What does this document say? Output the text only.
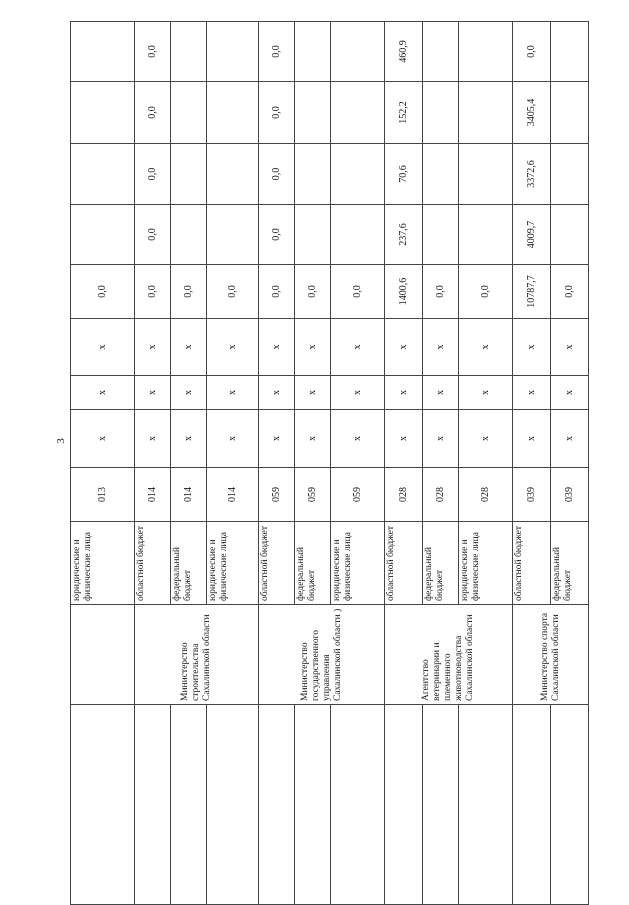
3
		юридические и физические лица	013	x	x	x	0,0					
	Министерство строительства Сахалинской области	областной бюджет	014	x	x	x	0,0	0,0	0,0	0,0	0,0	
		федеральный бюджет	014	x	x	x	0,0					
		юридические и физические лица	014	x	x	x	0,0					
	Министерство государственного управления Сахалинской области )	областной бюджет	059	x	x	x	0,0	0,0	0,0	0,0	0,0	
		федеральный бюджет	059	x	x	x	0,0					
		юридические и физические лица	059	x	x	x	0,0					
	Агентство ветеринарии и племенного животноводства Сахалинской области	областной бюджет	028	x	x	x	1400,6	237,6	70,6	152,2	460,9	
		федеральный бюджет	028	x	x	x	0,0					
		юридические и физические лица	028	x	x	x	0,0					
	Министерство спорта Сахалинской области	областной бюджет	039	x	x	x	10787,7	4009,7	3372,6	3405,4	0,0	
		федеральный бюджет	039	x	x	x	0,0					
